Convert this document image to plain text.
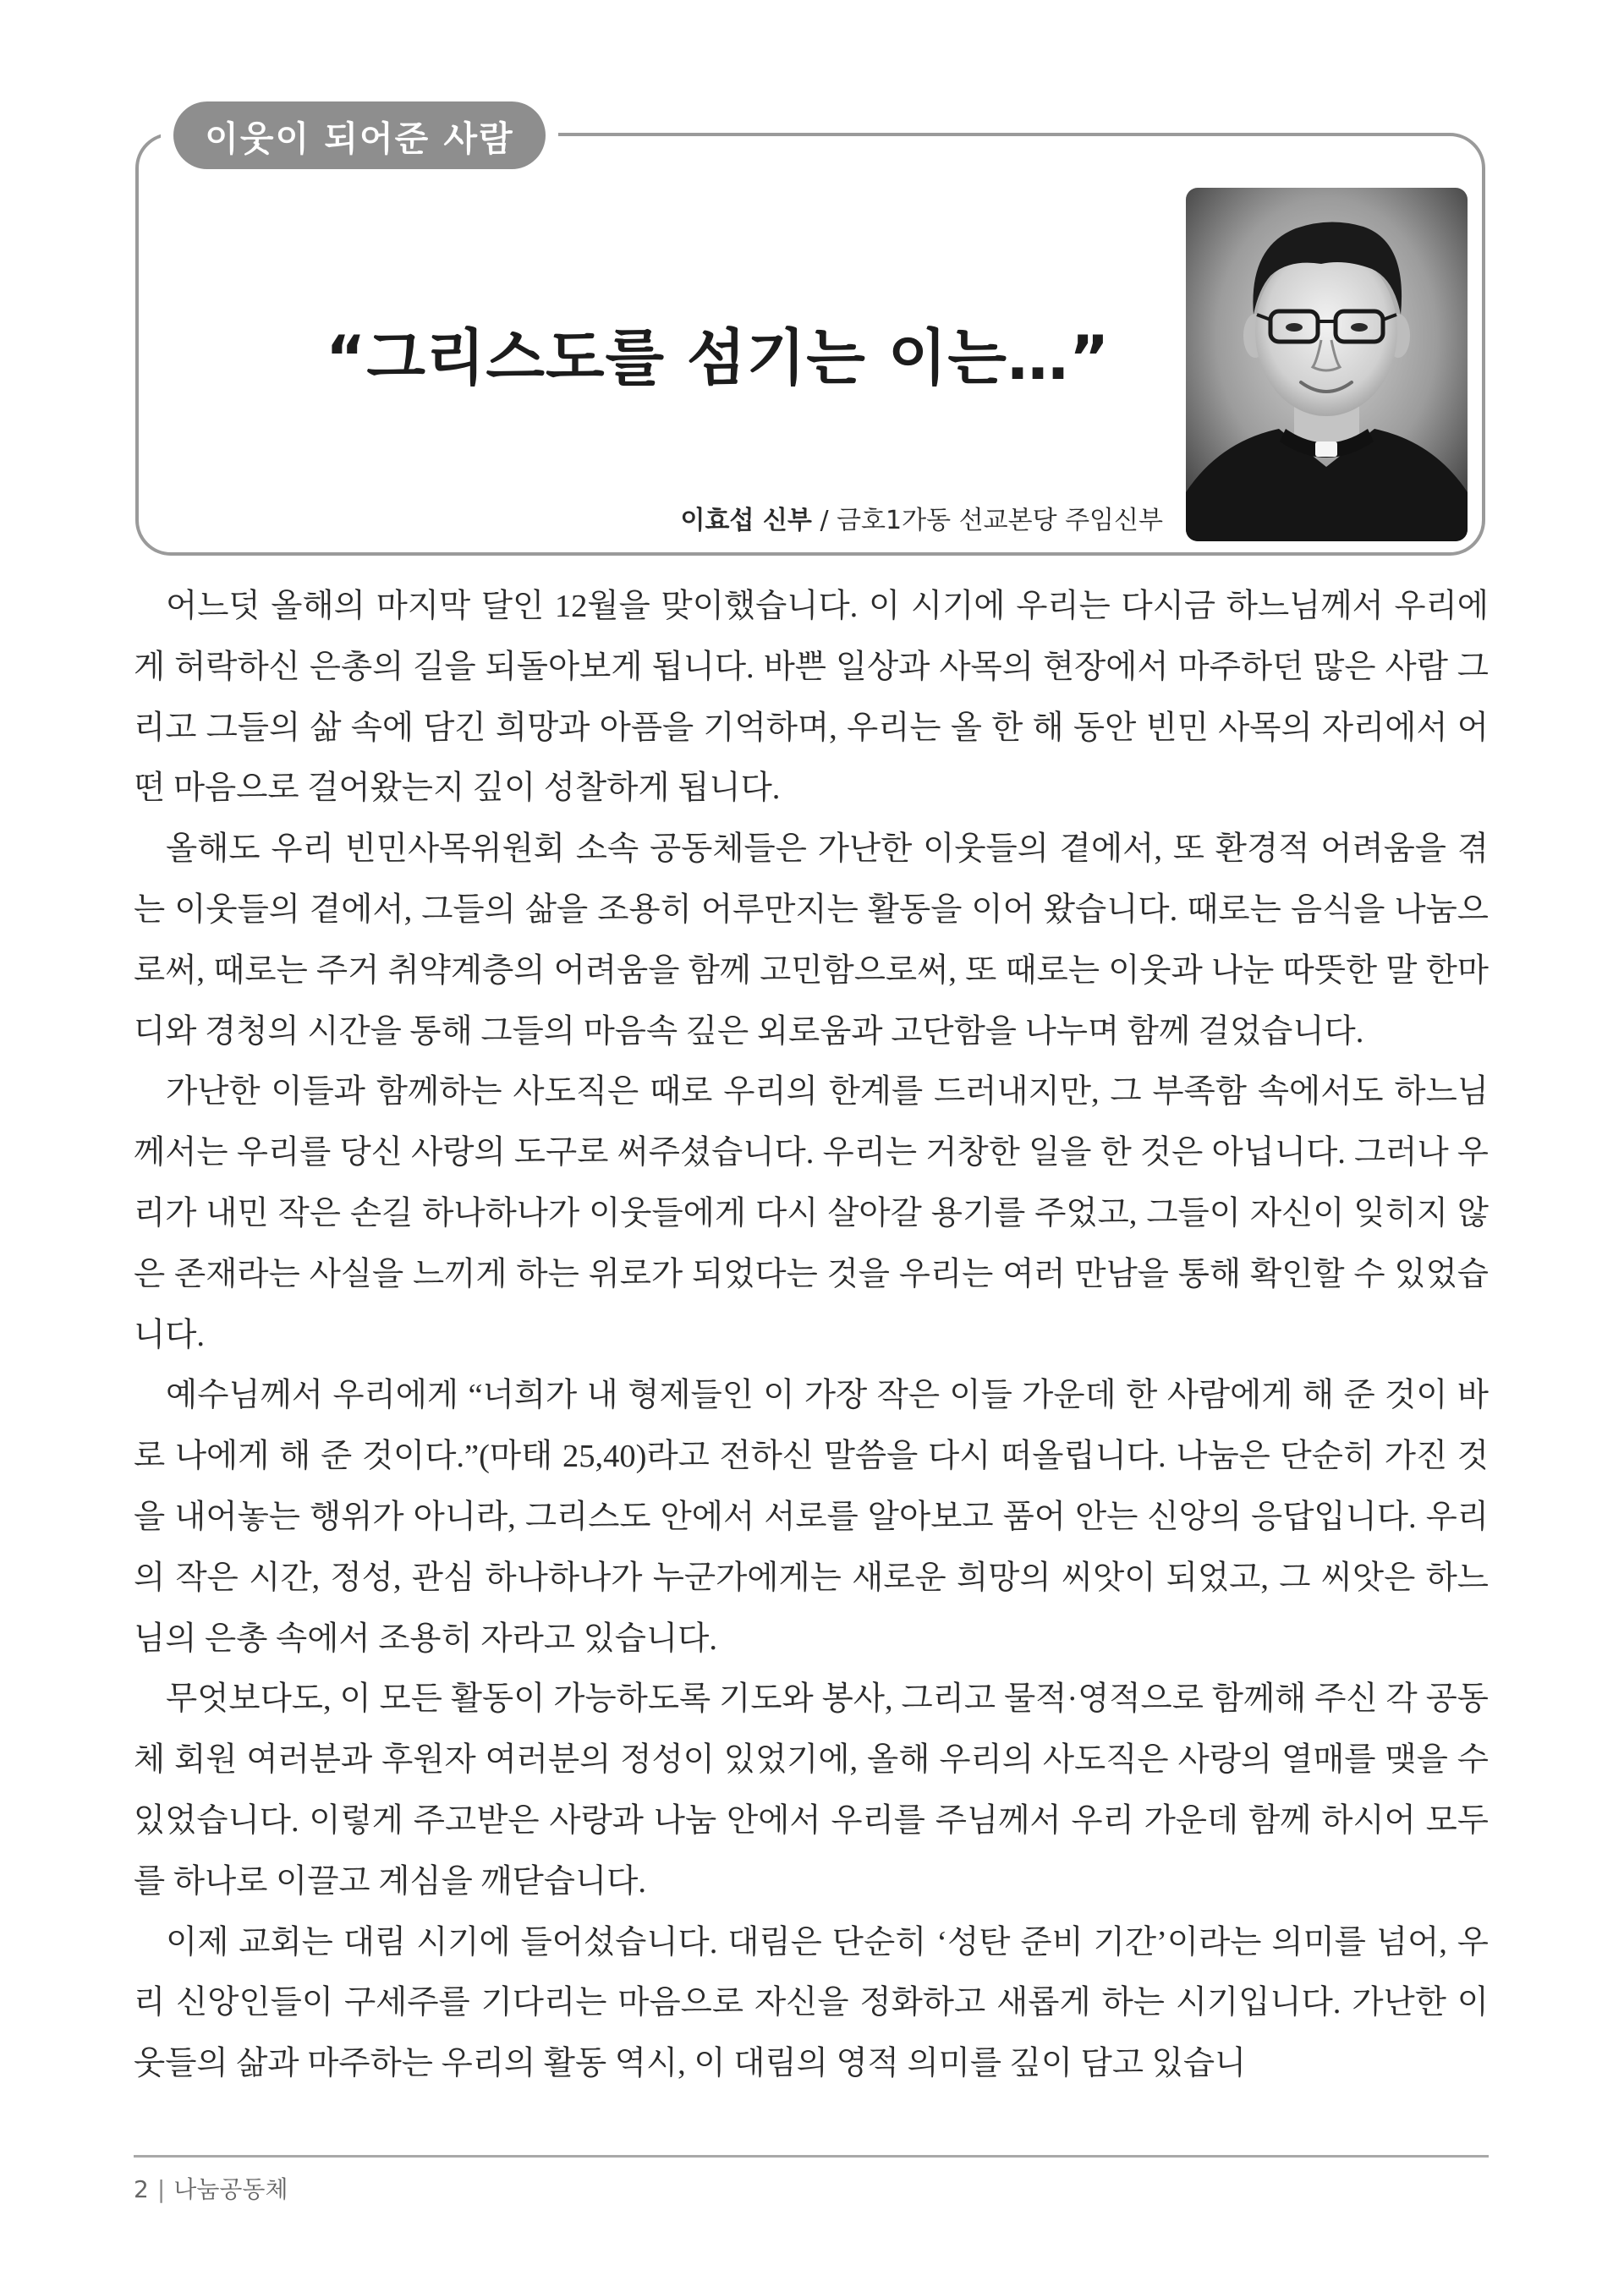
이웃이 되어준 사람
“그리스도를 섬기는 이는…”
이효섭 신부 / 금호1가동 선교본당 주임신부

어느덧 올해의 마지막 달인 12월을 맞이했습니다. 이 시기에 우리는 다시금 하느님께서 우리에게 허락하신 은총의 길을 되돌아보게 됩니다. 바쁜 일상과 사목의 현장에서 마주하던 많은 사람 그리고 그들의 삶 속에 담긴 희망과 아픔을 기억하며, 우리는 올 한 해 동안 빈민 사목의 자리에서 어떤 마음으로 걸어왔는지 깊이 성찰하게 됩니다.

올해도 우리 빈민사목위원회 소속 공동체들은 가난한 이웃들의 곁에서, 또 환경적 어려움을 겪는 이웃들의 곁에서, 그들의 삶을 조용히 어루만지는 활동을 이어 왔습니다. 때로는 음식을 나눔으로써, 때로는 주거 취약계층의 어려움을 함께 고민함으로써, 또 때로는 이웃과 나눈 따뜻한 말 한마디와 경청의 시간을 통해 그들의 마음속 깊은 외로움과 고단함을 나누며 함께 걸었습니다.

가난한 이들과 함께하는 사도직은 때로 우리의 한계를 드러내지만, 그 부족함 속에서도 하느님께서는 우리를 당신 사랑의 도구로 써주셨습니다. 우리는 거창한 일을 한 것은 아닙니다. 그러나 우리가 내민 작은 손길 하나하나가 이웃들에게 다시 살아갈 용기를 주었고, 그들이 자신이 잊히지 않은 존재라는 사실을 느끼게 하는 위로가 되었다는 것을 우리는 여러 만남을 통해 확인할 수 있었습니다.

예수님께서 우리에게 “너희가 내 형제들인 이 가장 작은 이들 가운데 한 사람에게 해 준 것이 바로 나에게 해 준 것이다.”(마태 25,40)라고 전하신 말씀을 다시 떠올립니다. 나눔은 단순히 가진 것을 내어놓는 행위가 아니라, 그리스도 안에서 서로를 알아보고 품어 안는 신앙의 응답입니다. 우리의 작은 시간, 정성, 관심 하나하나가 누군가에게는 새로운 희망의 씨앗이 되었고, 그 씨앗은 하느님의 은총 속에서 조용히 자라고 있습니다.

무엇보다도, 이 모든 활동이 가능하도록 기도와 봉사, 그리고 물적·영적으로 함께해 주신 각 공동체 회원 여러분과 후원자 여러분의 정성이 있었기에, 올해 우리의 사도직은 사랑의 열매를 맺을 수 있었습니다. 이렇게 주고받은 사랑과 나눔 안에서 우리를 주님께서 우리 가운데 함께 하시어 모두를 하나로 이끌고 계심을 깨닫습니다.

이제 교회는 대림 시기에 들어섰습니다. 대림은 단순히 ‘성탄 준비 기간’이라는 의미를 넘어, 우리 신앙인들이 구세주를 기다리는 마음으로 자신을 정화하고 새롭게 하는 시기입니다. 가난한 이웃들의 삶과 마주하는 우리의 활동 역시, 이 대림의 영적 의미를 깊이 담고 있습니

2 | 나눔공동체
